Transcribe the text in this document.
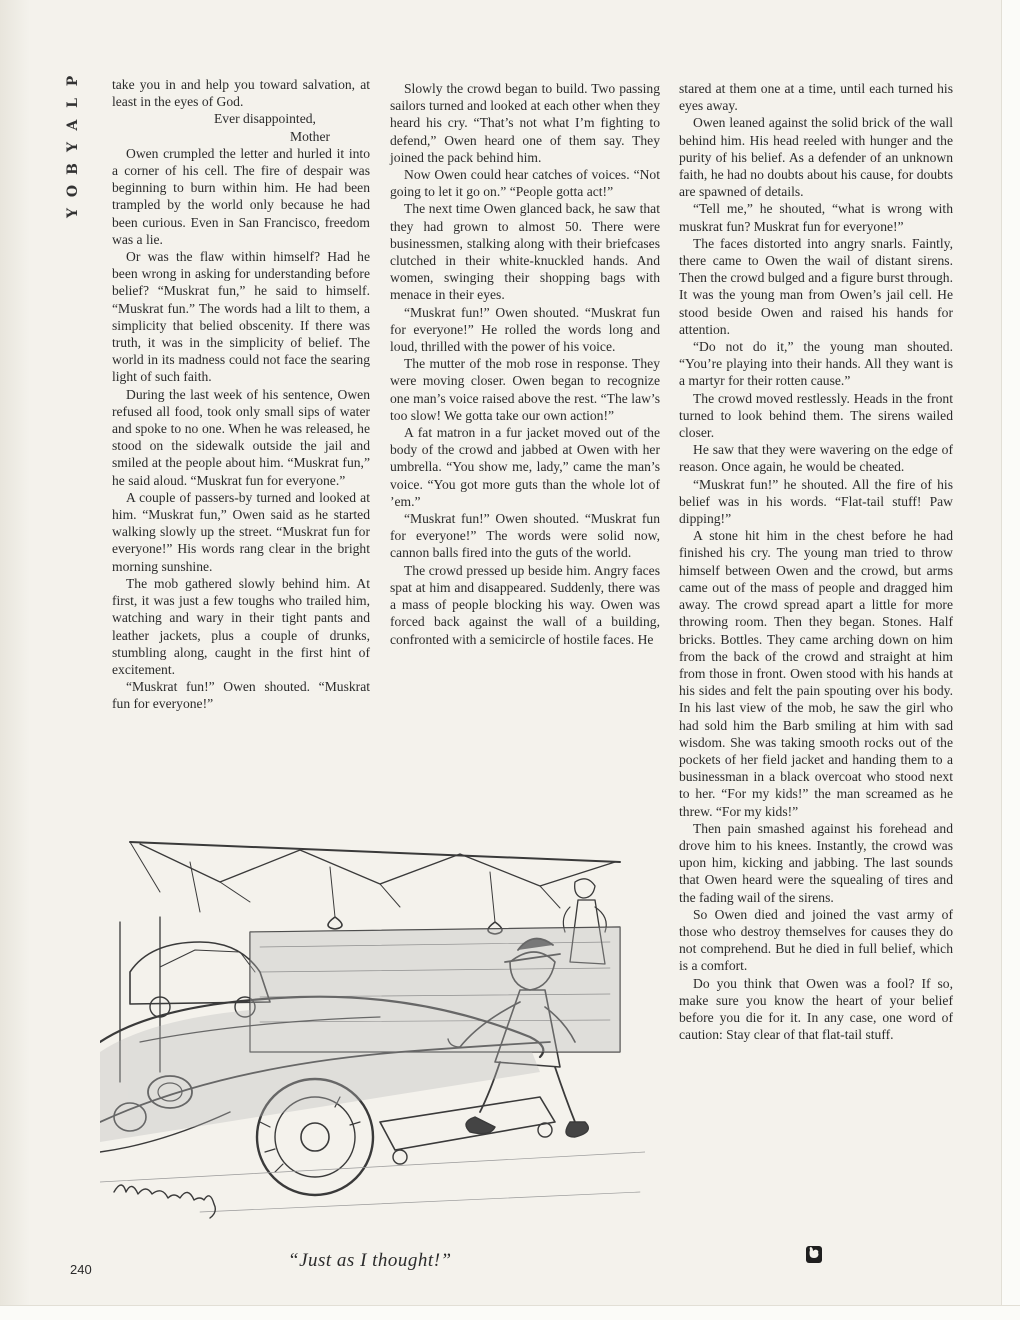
P
L
A
Y
B
O
Y

take you in and help you toward salvation, at least in the eyes of God.

Ever disappointed,

Mother

Owen crumpled the letter and hurled it into a corner of his cell. The fire of despair was beginning to burn within him. He had been trampled by the world only because he had been curious. Even in San Francisco, freedom was a lie.

Or was the flaw within himself? Had he been wrong in asking for understanding before belief? “Muskrat fun,” he said to himself. “Muskrat fun.” The words had a lilt to them, a simplicity that belied obscenity. If there was truth, it was in the simplicity of belief. The world in its madness could not face the searing light of such faith.

During the last week of his sentence, Owen refused all food, took only small sips of water and spoke to no one. When he was released, he stood on the sidewalk outside the jail and smiled at the people about him. “Muskrat fun,” he said aloud. “Muskrat fun for everyone.”

A couple of passers-by turned and looked at him. “Muskrat fun,” Owen said as he started walking slowly up the street. “Muskrat fun for everyone!” His words rang clear in the bright morning sunshine.

The mob gathered slowly behind him. At first, it was just a few toughs who trailed him, watching and wary in their tight pants and leather jackets, plus a couple of drunks, stumbling along, caught in the first hint of excitement.

“Muskrat fun!” Owen shouted. “Muskrat fun for everyone!”

Slowly the crowd began to build. Two passing sailors turned and looked at each other when they heard his cry. “That’s not what I’m fighting to defend,” Owen heard one of them say. They joined the pack behind him.

Now Owen could hear catches of voices. “Not going to let it go on.” “People gotta act!”

The next time Owen glanced back, he saw that they had grown to almost 50. There were businessmen, stalking along with their briefcases clutched in their white-knuckled hands. And women, swinging their shopping bags with menace in their eyes.

“Muskrat fun!” Owen shouted. “Muskrat fun for everyone!” He rolled the words long and loud, thrilled with the power of his voice.

The mutter of the mob rose in response. They were moving closer. Owen began to recognize one man’s voice raised above the rest. “The law’s too slow! We gotta take our own action!”

A fat matron in a fur jacket moved out of the body of the crowd and jabbed at Owen with her umbrella. “You show me, lady,” came the man’s voice. “You got more guts than the whole lot of ’em.”

“Muskrat fun!” Owen shouted. “Muskrat fun for everyone!” The words were solid now, cannon balls fired into the guts of the world.

The crowd pressed up beside him. Angry faces spat at him and disappeared. Suddenly, there was a mass of people blocking his way. Owen was forced back against the wall of a building, confronted with a semicircle of hostile faces. He

stared at them one at a time, until each turned his eyes away.

Owen leaned against the solid brick of the wall behind him. His head reeled with hunger and the purity of his belief. As a defender of an unknown faith, he had no doubts about his cause, for doubts are spawned of details.

“Tell me,” he shouted, “what is wrong with muskrat fun? Muskrat fun for everyone!”

The faces distorted into angry snarls. Faintly, there came to Owen the wail of distant sirens. Then the crowd bulged and a figure burst through. It was the young man from Owen’s jail cell. He stood beside Owen and raised his hands for attention.

“Do not do it,” the young man shouted. “You’re playing into their hands. All they want is a martyr for their rotten cause.”

The crowd moved restlessly. Heads in the front turned to look behind them. The sirens wailed closer.

He saw that they were wavering on the edge of reason. Once again, he would be cheated.

“Muskrat fun!” he shouted. All the fire of his belief was in his words. “Flat-tail stuff! Paw dipping!”

A stone hit him in the chest before he had finished his cry. The young man tried to throw himself between Owen and the crowd, but arms came out of the mass of people and dragged him away. The crowd spread apart a little for more throwing room. Then they began. Stones. Half bricks. Bottles. They came arching down on him from the back of the crowd and straight at him from those in front. Owen stood with his hands at his sides and felt the pain spouting over his body. In his last view of the mob, he saw the girl who had sold him the Barb smiling at him with sad wisdom. She was taking smooth rocks out of the pockets of her field jacket and handing them to a businessman in a black overcoat who stood next to her. “For my kids!” the man screamed as he threw. “For my kids!”

Then pain smashed against his forehead and drove him to his knees. Instantly, the crowd was upon him, kicking and jabbing. The last sounds that Owen heard were the squealing of tires and the fading wail of the sirens.

So Owen died and joined the vast army of those who destroy themselves for causes they do not comprehend. But he died in full belief, which is a comfort.

Do you think that Owen was a fool? If so, make sure you know the heart of your belief before you die for it. In any case, one word of caution: Stay clear of that flat-tail stuff.

“Just as I thought!”
240
